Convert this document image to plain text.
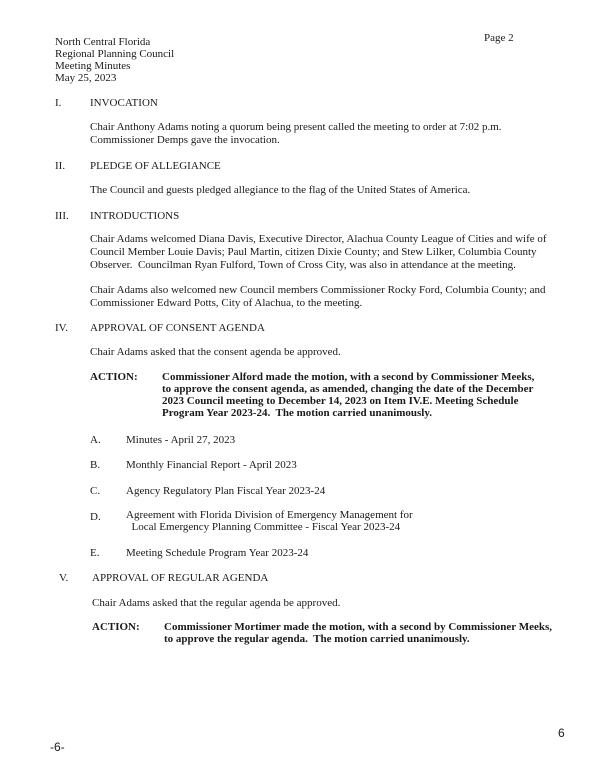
North Central Florida
Regional Planning Council
Meeting Minutes
May 25, 2023
Page 2
I.	INVOCATION
Chair Anthony Adams noting a quorum being present called the meeting to order at 7:02 p.m.
Commissioner Demps gave the invocation.
II. PLEDGE OF ALLEGIANCE
The Council and guests pledged allegiance to the flag of the United States of America.
III. INTRODUCTIONS
Chair Adams welcomed Diana Davis, Executive Director, Alachua County League of Cities and wife of
Council Member Louie Davis; Paul Martin, citizen Dixie County; and Stew Lilker, Columbia County
Observer.  Councilman Ryan Fulford, Town of Cross City, was also in attendance at the meeting.
Chair Adams also welcomed new Council members Commissioner Rocky Ford, Columbia County; and
Commissioner Edward Potts, City of Alachua, to the meeting.
IV. APPROVAL OF CONSENT AGENDA
Chair Adams asked that the consent agenda be approved.
ACTION: Commissioner Alford made the motion, with a second by Commissioner Meeks,
to approve the consent agenda, as amended, changing the date of the December
2023 Council meeting to December 14, 2023 on Item IV.E. Meeting Schedule
Program Year 2023-24.  The motion carried unanimously.
A. Minutes - April 27, 2023
B. Monthly Financial Report - April 2023
C. Agency Regulatory Plan Fiscal Year 2023-24
D. Agreement with Florida Division of Emergency Management for
Local Emergency Planning Committee - Fiscal Year 2023-24
E. Meeting Schedule Program Year 2023-24
V. APPROVAL OF REGULAR AGENDA
Chair Adams asked that the regular agenda be approved.
ACTION: Commissioner Mortimer made the motion, with a second by Commissioner Meeks,
to approve the regular agenda.  The motion carried unanimously.
-6-
6
